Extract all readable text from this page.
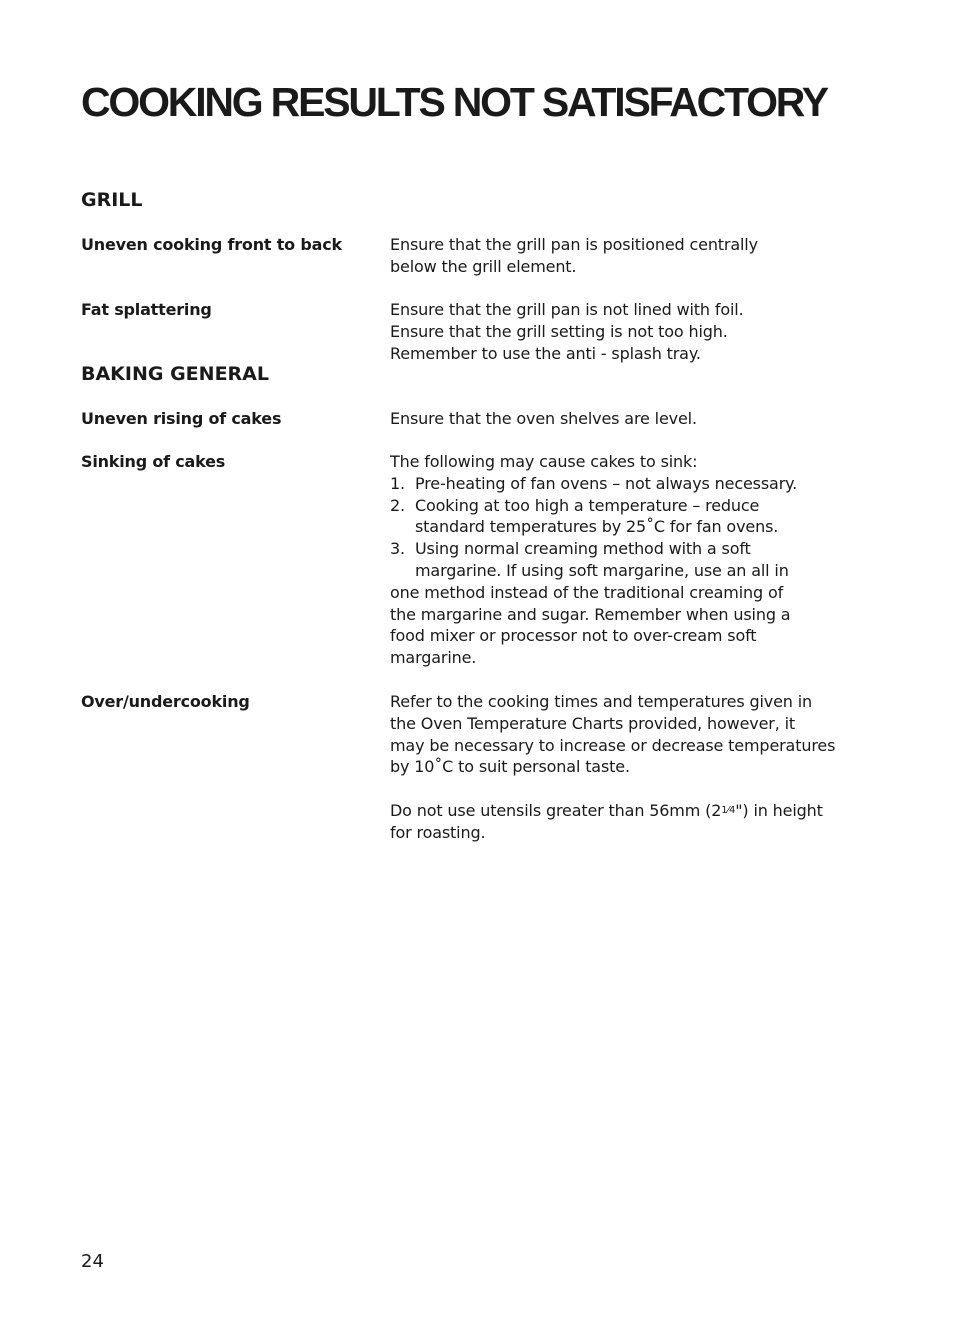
COOKING RESULTS NOT SATISFACTORY
GRILL
Uneven cooking front to back	Ensure that the grill pan is positioned centrally
below the grill element.
Fat splattering	Ensure that the grill pan is not lined with foil.
Ensure that the grill setting is not too high.
Remember to use the anti - splash tray.
BAKING GENERAL
Uneven rising of cakes	Ensure that the oven shelves are level.
Sinking of cakes	The following may cause cakes to sink:
1. Pre-heating of fan ovens – not always necessary.
2. Cooking at too high a temperature – reduce
standard temperatures by 25˚C for fan ovens.
3. Using normal creaming method with a soft
margarine. If using soft margarine, use an all in
one method instead of the traditional creaming of
the margarine and sugar. Remember when using a
food mixer or processor not to over-cream soft
margarine.
Over/undercooking	Refer to the cooking times and temperatures given in
the Oven Temperature Charts provided, however, it
may be necessary to increase or decrease temperatures
by 10˚C to suit personal taste.
Do not use utensils greater than 56mm (21⁄4") in height
for roasting.
24
